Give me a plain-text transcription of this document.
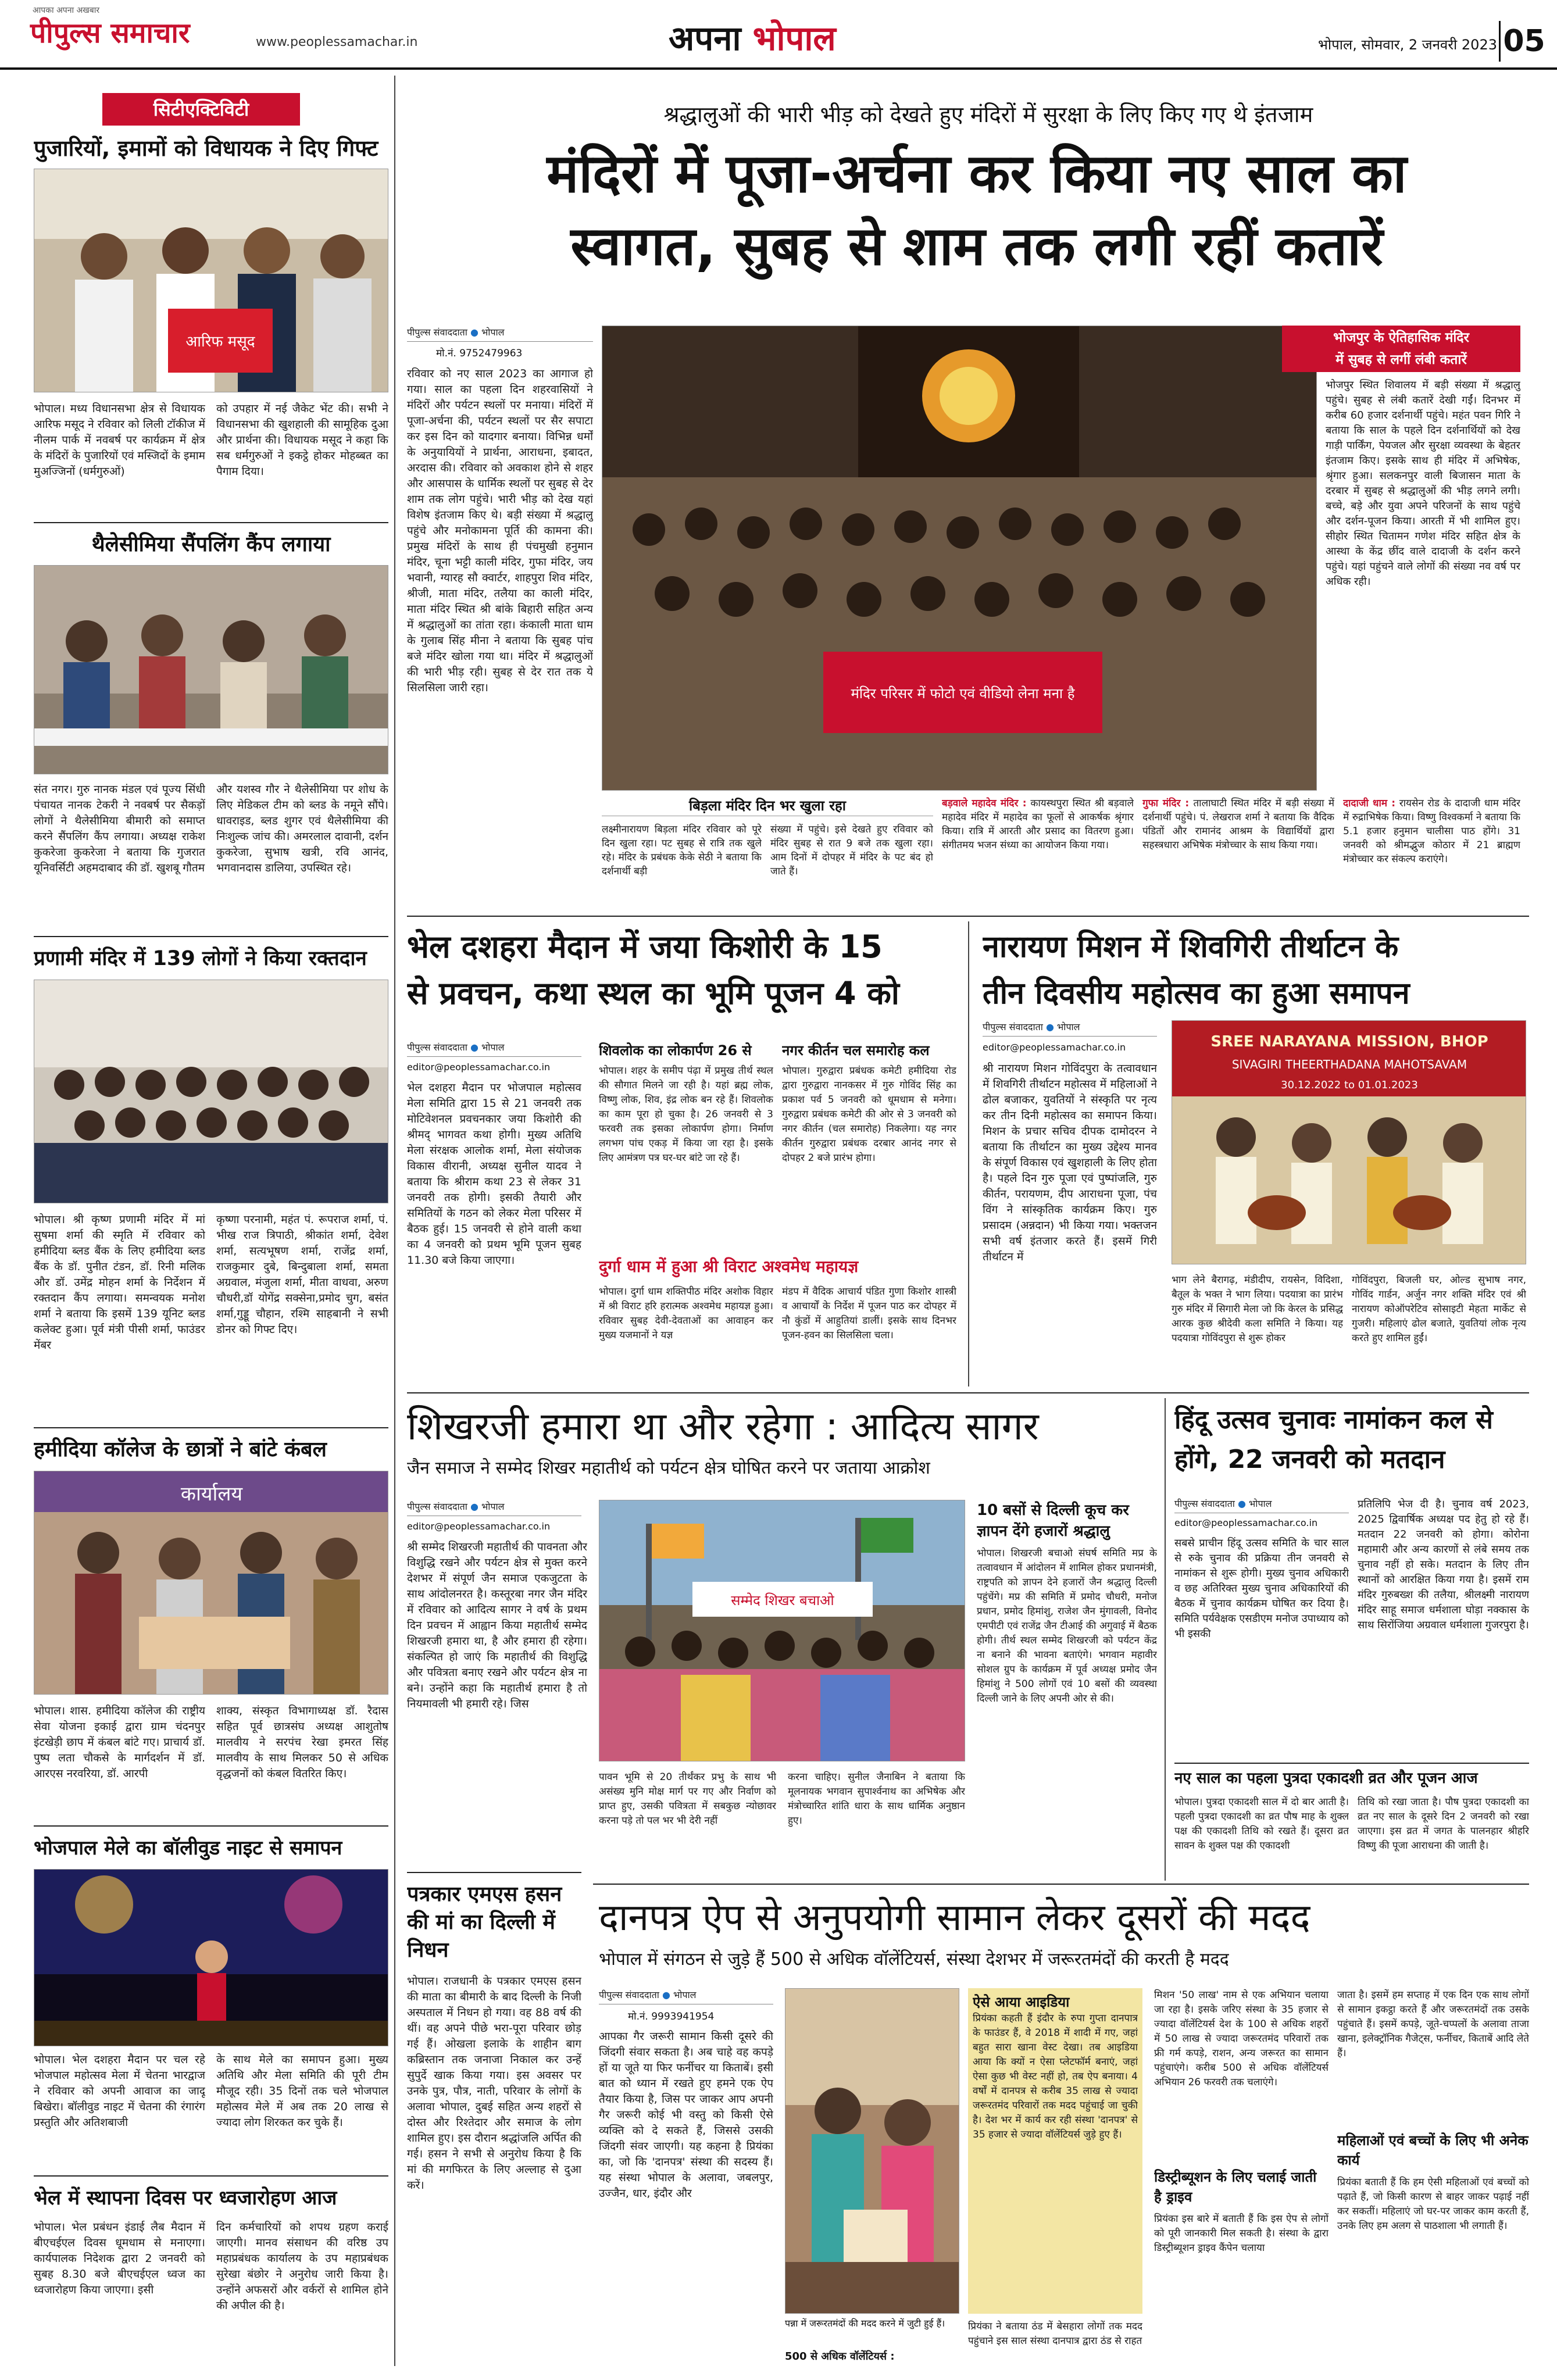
पीपुल्स समाचार
आपका अपना अखबार
www.peoplessamachar.in	अपना भोपाल	भोपाल, सोमवार, 2 जनवरी 2023 05
सिटीएक्टिविटी
पुजारियों, इमामों को विधायक ने दिए गिफ्ट
आरिफ मसूद
भोपाल। मध्य विधानसभा क्षेत्र से विधायक आरिफ मसूद ने रविवार को लिली टॉकीज में नीलम पार्क में नवबर्ष पर कार्यक्रम में क्षेत्र के मंदिरों के पुजारियों एवं मस्जिदों के इमाम मुअज्जिनों (धर्मगुरुओं)
को उपहार में नई जैकेट भेंट की। सभी ने विधानसभा की खुशहाली की सामूहिक दुआ और प्रार्थना की। विधायक मसूद ने कहा कि सब धर्मगुरुओं ने इकट्ठे होकर मोहब्बत का पैगाम दिया।
थैलेसीमिया सैंपलिंग कैंप लगाया
संत नगर। गुरु नानक मंडल एवं पूज्य सिंधी पंचायत नानक टेकरी ने नवबर्ष पर सैकड़ों लोगों ने थैलेसीमिया बीमारी को समाप्त करने सैंपलिंग कैंप लगाया। अध्यक्ष राकेश कुकरेजा कुकरेजा ने बताया कि गुजरात यूनिवर्सिटी अहमदाबाद की डॉ. खुशबू गौतम
और यशस्व गौर ने थैलेसीमिया पर शोध के लिए मेडिकल टीम को ब्लड के नमूने सौंपे। धावराइड, ब्लड शुगर एवं थैलेसीमिया की निःशुल्क जांच की। अमरलाल दावानी, दर्शन कुकरेजा, सुभाष खत्री, रवि आनंद, भगवानदास डालिया, उपस्थित रहे।
प्रणामी मंदिर में 139 लोगों ने किया रक्तदान
भोपाल। श्री कृष्ण प्रणामी मंदिर में मां सुषमा शर्मा की स्मृति में रविवार को हमीदिया ब्लड बैंक के लिए हमीदिया ब्लड बैंक के डॉ. पुनीत टंडन, डॉ. रिनी मलिक और डॉ. उमेंद्र मोहन शर्मा के निर्देशन में रक्तदान कैंप लगाया। समन्वयक मनोश शर्मा ने बताया कि इसमें 139 यूनिट ब्लड कलेक्ट हुआ। पूर्व मंत्री पीसी शर्मा, फाउंडर मेंबर
कृष्णा परनामी, महंत पं. रूपराज शर्मा, पं. भीख राज त्रिपाठी, श्रीकांत शर्मा, देवेश शर्मा, सत्यभूषण शर्मा, राजेंद्र शर्मा, राजकुमार दुबे, बिन्दुबाला शर्मा, समता अग्रवाल, मंजुला शर्मा, मीता वाधवा, अरुण चौधरी,डॉ योगेंद्र सक्सेना,प्रमोद चुग, बसंत शर्मा,गुड्डू चौहान, रश्मि साहबानी ने सभी डोनर को गिफ्ट दिए।
हमीदिया कॉलेज के छात्रों ने बांटे कंबल
कार्यालय
भोपाल। शास. हमीदिया कॉलेज की राष्ट्रीय सेवा योजना इकाई द्वारा ग्राम चंदनपुर इंटखेड़ी छाप में कंबल बांटे गए। प्राचार्य डॉ. पुष्प लता चौकसे के मार्गदर्शन में डॉ. आरएस नरवरिया, डॉ. आरपी
शाक्य, संस्कृत विभागाध्यक्ष डॉ. रैदास सहित पूर्व छात्रसंघ अध्यक्ष आशुतोष मालवीय ने सरपंच रेखा इमरत सिंह मालवीय के साथ मिलकर 50 से अधिक वृद्धजनों को कंबल वितरित किए।
भोजपाल मेले का बॉलीवुड नाइट से समापन
भोपाल। भेल दशहरा मैदान पर चल रहे भोजपाल महोत्सव मेला में चेतना भारद्वाज ने रविवार को अपनी आवाज का जादू बिखेरा। बॉलीवुड नाइट में चेतना की रंगारंग प्रस्तुति और अतिशबाजी
के साथ मेले का समापन हुआ। मुख्य अतिथि और मेला समिति की पूरी टीम मौजूद रही। 35 दिनों तक चले भोजपाल महोत्सव मेले में अब तक 20 लाख से ज्यादा लोग शिरकत कर चुके हैं।
भेल में स्थापना दिवस पर ध्वजारोहण आज
भोपाल। भेल प्रबंधन इंडाई लैब मैदान में बीएचईएल दिवस धूमधाम से मनाएगा। कार्यपालक निदेशक द्वारा 2 जनवरी को सुबह 8.30 बजे बीएचईएल ध्वज का ध्वजारोहण किया जाएगा। इसी
दिन कर्मचारियों को शपथ ग्रहण कराई जाएगी। मानव संसाधन की वरिष्ठ उप महाप्रबंधक कार्यालय के उप महाप्रबंधक सुरेखा बंछोर ने अनुरोध जारी किया है। उन्होंने अफसरों और वर्करों से शामिल होने की अपील की है।
श्रद्धालुओं की भारी भीड़ को देखते हुए मंदिरों में सुरक्षा के लिए किए गए थे इंतजाम
मंदिरों में पूजा-अर्चना कर किया नए साल का
स्वागत, सुबह से शाम तक लगी रहीं कतारें
पीपुल्स संवाददाता ● भोपाल
मो.नं. 9752479963
रविवार को नए साल 2023 का आगाज हो गया। साल का पहला दिन शहरवासियों ने मंदिरों और पर्यटन स्थलों पर मनाया। मंदिरों में पूजा-अर्चना की, पर्यटन स्थलों पर सैर सपाटा कर इस दिन को यादगार बनाया। विभिन्न धर्मों के अनुयायियों ने प्रार्थना, आराधना, इबादत, अरदास की। रविवार को अवकाश होने से शहर और आसपास के धार्मिक स्थलों पर सुबह से देर शाम तक लोग पहुंचे। भारी भीड़ को देख यहां विशेष इंतजाम किए थे। बड़ी संख्या में श्रद्धालु पहुंचे और मनोकामना पूर्ति की कामना की। प्रमुख मंदिरों के साथ ही पंचमुखी हनुमान मंदिर, चूना भट्टी काली मंदिर, गुफा मंदिर, जय भवानी, ग्यारह सौ क्वार्टर, शाहपुरा शिव मंदिर, श्रीजी, माता मंदिर, तलैया का काली मंदिर, माता मंदिर स्थित श्री बांके बिहारी सहित अन्य में श्रद्धालुओं का तांता रहा। कंकाली माता धाम के गुलाब सिंह मीना ने बताया कि सुबह पांच बजे मंदिर खोला गया था। मंदिर में श्रद्धालुओं की भारी भीड़ रही। सुबह से देर रात तक ये सिलसिला जारी रहा।	मंदिर परिसर में फोटो एवं वीडियो लेना मना है
भोजपुर के ऐतिहासिक मंदिर
में सुबह से लगीं लंबी कतारें
भोजपुर स्थित शिवालय में बड़ी संख्या में श्रद्धालु पहुंचे। सुबह से लंबी कतारें देखी गईं। दिनभर में करीब 60 हजार दर्शनार्थी पहुंचे। महंत पवन गिरि ने बताया कि साल के पहले दिन दर्शनार्थियों को देख गाड़ी पार्किंग, पेयजल और सुरक्षा व्यवस्था के बेहतर इंतजाम किए। इसके साथ ही मंदिर में अभिषेक, श्रृंगार हुआ। सलकनपुर वाली बिजासन माता के दरबार में सुबह से श्रद्धालुओं की भीड़ लगने लगी। बच्चे, बड़े और युवा अपने परिजनों के साथ पहुंचे और दर्शन-पूजन किया। आरती में भी शामिल हुए। सीहोर स्थित चितामन गणेश मंदिर सहित क्षेत्र के आस्था के केंद्र छींद वाले दादाजी के दर्शन करने पहुंचे। यहां पहुंचने वाले लोगों की संख्या नव वर्ष पर अधिक रही।
बिड़ला मंदिर दिन भर खुला रहा
लक्ष्मीनारायण बिड़ला मंदिर रविवार को पूरे दिन खुला रहा। पट सुबह से रात्रि तक खुले रहे। मंदिर के प्रबंधक केके सेठी ने बताया कि दर्शनार्थी बड़ी
संख्या में पहुंचे। इसे देखते हुए रविवार को मंदिर सुबह से रात 9 बजे तक खुला रहा। आम दिनों में दोपहर में मंदिर के पट बंद हो जाते हैं।
बड़वाले महादेव मंदिर : कायस्थपुरा स्थित श्री बड़वाले महादेव मंदिर में महादेव का फूलों से आकर्षक श्रृंगार किया। रात्रि में आरती और प्रसाद का वितरण हुआ। संगीतमय भजन संध्या का आयोजन किया गया।
गुफा मंदिर : तालाघाटी स्थित मंदिर में बड़ी संख्या में दर्शनार्थी पहुंचे। पं. लेखराज शर्मा ने बताया कि वैदिक पंडितों और रामानंद आश्रम के विद्यार्थियों द्वारा सहस्त्रधारा अभिषेक मंत्रोच्चार के साथ किया गया।
दादाजी धाम : रायसेन रोड के दादाजी धाम मंदिर में रुद्राभिषेक किया। विष्णु विश्वकर्मा ने बताया कि 5.1 हजार हनुमान चालीसा पाठ होंगे। 31 जनवरी को श्रीमद्भुज कोठार में 21 ब्राह्मण मंत्रोच्चार कर संकल्प कराएंगे।
भेल दशहरा मैदान में जया किशोरी के 15
से प्रवचन, कथा स्थल का भूमि पूजन 4 को
पीपुल्स संवाददाता ● भोपाल
editor@peoplessamachar.co.in
भेल दशहरा मैदान पर भोजपाल महोत्सव मेला समिति द्वारा 15 से 21 जनवरी तक मोटिवेशनल प्रवचनकार जया किशोरी की श्रीमद् भागवत कथा होगी। मुख्य अतिथि मेला संरक्षक आलोक शर्मा, मेला संयोजक विकास वीरानी, अध्यक्ष सुनील यादव ने बताया कि श्रीराम कथा 23 से लेकर 31 जनवरी तक होगी। इसकी तैयारी और समितियों के गठन को लेकर मेला परिसर में बैठक हुई। 15 जनवरी से होने वाली कथा का 4 जनवरी को प्रथम भूमि पूजन सुबह 11.30 बजे किया जाएगा।
शिवलोक का लोकार्पण 26 से
भोपाल। शहर के समीप पंढ़ा में प्रमुख तीर्थ स्थल की सौगात मिलने जा रही है। यहां ब्रह्म लोक, विष्णु लोक, शिव, इंद्र लोक बन रहे हैं। शिवलोक का काम पूरा हो चुका है। 26 जनवरी से 3 फरवरी तक इसका लोकार्पण होगा। निर्माण लगभग पांच एकड़ में किया जा रहा है। इसके लिए आमंत्रण पत्र घर-घर बांटे जा रहे हैं।
नगर कीर्तन चल समारोह कल
भोपाल। गुरुद्वारा प्रबंधक कमेटी हमीदिया रोड द्वारा गुरुद्वारा नानकसर में गुरु गोविंद सिंह का प्रकाश पर्व 5 जनवरी को धूमधाम से मनेगा। गुरुद्वारा प्रबंधक कमेटी की ओर से 3 जनवरी को नगर कीर्तन (चल समारोह) निकलेगा। यह नगर कीर्तन गुरुद्वारा प्रबंधक दरबार आनंद नगर से दोपहर 2 बजे प्रारंभ होगा।
दुर्गा धाम में हुआ श्री विराट अश्वमेध महायज्ञ
भोपाल। दुर्गा धाम शक्तिपीठ मंदिर अशोक विहार में श्री विराट हरि हरात्मक अश्वमेध महायज्ञ हुआ। रविवार सुबह देवी-देवताओं का आवाहन कर मुख्य यजमानों ने यज्ञ
मंडप में वैदिक आचार्य पंडित गुणा किशोर शास्त्री व आचार्यों के निर्देश में पूजन पाठ कर दोपहर में नौ कुंडों में आहुतियां डालीं। इसके साथ दिनभर पूजन-हवन का सिलसिला चला।
नारायण मिशन में शिवगिरी तीर्थाटन के
तीन दिवसीय महोत्सव का हुआ समापन
पीपुल्स संवाददाता ● भोपाल
editor@peoplessamachar.co.in
श्री नारायण मिशन गोविंदपुरा के तत्वावधान में शिवगिरी तीर्थाटन महोत्सव में महिलाओं ने ढोल बजाकर, युवतियों ने संस्कृति पर नृत्य कर तीन दिनी महोत्सव का समापन किया। मिशन के प्रचार सचिव दीपक दामोदरन ने बताया कि तीर्थाटन का मुख्य उद्देश्य मानव के संपूर्ण विकास एवं खुशहाली के लिए होता है। पहले दिन गुरु पूजा एवं पुष्पांजलि, गुरु कीर्तन, परायणम, दीप आराधना पूजा, पंच विंग ने सांस्कृतिक कार्यक्रम किए। गुरु प्रसादम (अन्नदान) भी किया गया। भक्तजन सभी वर्ष इंतजार करते हैं। इसमें गिरी तीर्थाटन में
SREE NARAYANA MISSION, BHOP
SIVAGIRI THEERTHADANA MAHOTSAVAM
30.12.2022 to 01.01.2023
भाग लेने बैरागढ़, मंडीदीप, रायसेन, विदिशा, बैतूल के भक्त ने भाग लिया। पदयात्रा का प्रारंभ गुरु मंदिर में सिगारी मेला जो कि केरल के प्रसिद्ध आरक कुछ श्रीदेवी कला समिति ने किया। यह पदयात्रा गोविंदपुरा से शुरू होकर
गोविंदपुरा, बिजली घर, ओल्ड सुभाष नगर, गोविंद गार्डन, अर्जुन नगर शक्ति मंदिर एवं श्री नारायण कोऑपरेटिव सोसाइटी मेहता मार्केट से गुजरी। महिलाएं ढोल बजाते, युवतियां लोक नृत्य करते हुए शामिल हुईं।
शिखरजी हमारा था और रहेगा : आदित्य सागर
जैन समाज ने सम्मेद शिखर महातीर्थ को पर्यटन क्षेत्र घोषित करने पर जताया आक्रोश
पीपुल्स संवाददाता ● भोपाल
editor@peoplessamachar.co.in
श्री सम्मेद शिखरजी महातीर्थ की पावनता और विशुद्धि रखने और पर्यटन क्षेत्र से मुक्त करने देशभर में संपूर्ण जैन समाज एकजुटता के साथ आंदोलनरत है। कस्तूरबा नगर जैन मंदिर में रविवार को आदित्य सागर ने वर्ष के प्रथम दिन प्रवचन में आह्वान किया महातीर्थ सम्मेद शिखरजी हमारा था, है और हमारा ही रहेगा। संकल्पित हो जाएं कि महातीर्थ की विशुद्धि और पवित्रता बनाए रखने और पर्यटन क्षेत्र ना बने। उन्होंने कहा कि महातीर्थ हमारा है तो नियमावली भी हमारी रहे। जिस
सम्मेद शिखर बचाओ
पावन भूमि से 20 तीर्थंकर प्रभु के साथ भी असंख्य मुनि मोक्ष मार्ग पर गए और निर्वाण को प्राप्त हुए, उसकी पवित्रता में सबकुछ न्योछावर करना पड़े तो पल भर भी देरी नहीं
करना चाहिए। सुनील जैनाबिन ने बताया कि मूलनायक भगवान सुपार्श्वनाथ का अभिषेक और मंत्रोच्चारित शांति धारा के साथ धार्मिक अनुष्ठान हुए।
10 बसों से दिल्ली कूच कर ज्ञापन देंगे हजारों श्रद्धालु
भोपाल। शिखरजी बचाओ संघर्ष समिति मप्र के तत्वावधान में आंदोलन में शामिल होकर प्रधानमंत्री, राष्ट्रपति को ज्ञापन देने हजारों जैन श्रद्धालु दिल्ली पहुंचेंगे। मप्र की समिति में प्रमोद चौधरी, मनोज प्रधान, प्रमोद हिमांशु, राजेश जैन मुंगावली, विनोद एमपीटी एवं राजेंद्र जैन टीआई की अगुवाई में बैठक होगी। तीर्थ स्थल सम्मेद शिखरजी को पर्यटन केंद्र ना बनाने की भावना बताएंगे। भगवान महावीर सोशल ग्रुप के कार्यक्रम में पूर्व अध्यक्ष प्रमोद जैन हिमांशु ने 500 लोगों एवं 10 बसों की व्यवस्था दिल्ली जाने के लिए अपनी ओर से की।
पत्रकार एमएस हसन की मां का दिल्ली में निधन
भोपाल। राजधानी के पत्रकार एमएस हसन की माता का बीमारी के बाद दिल्ली के निजी अस्पताल में निधन हो गया। वह 88 वर्ष की थीं। वह अपने पीछे भरा-पूरा परिवार छोड़ गई हैं। ओखला इलाके के शाहीन बाग कब्रिस्तान तक जनाजा निकाल कर उन्हें सुपुर्दे खाक किया गया। इस अवसर पर उनके पुत्र, पौत्र, नाती, परिवार के लोगों के अलावा भोपाल, दुबई सहित अन्य शहरों से दोस्त और रिश्तेदार और समाज के लोग शामिल हुए। इस दौरान श्रद्धांजलि अर्पित की गई। हसन ने सभी से अनुरोध किया है कि मां की मगफिरत के लिए अल्लाह से दुआ करें।
हिंदू उत्सव चुनावः नामांकन कल से
होंगे, 22 जनवरी को मतदान
पीपुल्स संवाददाता ● भोपाल
editor@peoplessamachar.co.in
सबसे प्राचीन हिंदू उत्सव समिति के चार साल से रुके चुनाव की प्रक्रिया तीन जनवरी से नामांकन से शुरू होगी। मुख्य चुनाव अधिकारी व छह अतिरिक्त मुख्य चुनाव अधिकारियों की बैठक में चुनाव कार्यक्रम घोषित कर दिया है। समिति पर्यवेक्षक एसडीएम मनोज उपाध्याय को भी इसकी
प्रतिलिपि भेज दी है। चुनाव वर्ष 2023, 2025 द्विवार्षिक अध्यक्ष पद हेतु हो रहे हैं। मतदान 22 जनवरी को होगा। कोरोना महामारी और अन्य कारणों से लंबे समय तक चुनाव नहीं हो सके। मतदान के लिए तीन स्थानों को आरक्षित किया गया है। इसमें राम मंदिर गुरुबख्श की तलैया, श्रीलक्ष्मी नारायण मंदिर साहू समाज धर्मशाला घोड़ा नक्कास के साथ सिरोंजिया अग्रवाल धर्मशाला गुजरपुरा है।
नए साल का पहला पुत्रदा एकादशी व्रत और पूजन आज
भोपाल। पुत्रदा एकादशी साल में दो बार आती है। पहली पुत्रदा एकादशी का व्रत पौष माह के शुक्ल पक्ष की एकादशी तिथि को रखते हैं। दूसरा व्रत सावन के शुक्ल पक्ष की एकादशी
तिथि को रखा जाता है। पौष पुत्रदा एकादशी का व्रत नए साल के दूसरे दिन 2 जनवरी को रखा जाएगा। इस व्रत में जगत के पालनहार श्रीहरि विष्णु की पूजा आराधना की जाती है।
दानपत्र ऐप से अनुपयोगी सामान लेकर दूसरों की मदद
भोपाल में संगठन से जुड़े हैं 500 से अधिक वॉलेंटियर्स, संस्था देशभर में जरूरतमंदों की करती है मदद
पीपुल्स संवाददाता ● भोपाल
मो.नं. 9993941954
आपका गैर जरूरी सामान किसी दूसरे की जिंदगी संवार सकता है। अब चाहे वह कपड़े हों या जूते या फिर फर्नीचर या किताबें। इसी बात को ध्यान में रखते हुए हमने एक ऐप तैयार किया है, जिस पर जाकर आप अपनी गैर जरूरी कोई भी वस्तु को किसी ऐसे व्यक्ति को दे सकते हैं, जिससे उसकी जिंदगी संवर जाएगी। यह कहना है प्रियंका का, जो कि 'दानपत्र' संस्था की सदस्य हैं। यह संस्था भोपाल के अलावा, जबलपुर, उज्जैन, धार, इंदौर और
पन्ना में जरूरतमंदों की मदद करने में जुटी हुई हैं।
500 से अधिक वॉलेंटियर्स :
ऐसे आया आइडिया
प्रियंका कहती हैं इंदौर के रुपा गुप्ता दानपात्र के फाउंडर हैं, वे 2018 में शादी में गए, जहां बहुत सारा खाना वेस्ट देखा। तब आइडिया आया कि क्यों न ऐसा प्लेटफॉर्म बनाएं, जहां ऐसा कुछ भी वेस्ट नहीं हो, तब ऐप बनाया। 4 वर्षों में दानपत्र से करीब 35 लाख से ज्यादा जरूरतमंद परिवारों तक मदद पहुंचाई जा चुकी है। देश भर में कार्य कर रही संस्था 'दानपत्र' से 35 हजार से ज्यादा वॉलेंटियर्स जुड़े हुए हैं।
प्रियंका ने बताया ठंड में बेसहारा लोगों तक मदद पहुंचाने इस साल संस्था दानपात्र द्वारा ठंड से राहत
मिशन '50 लाख' नाम से एक अभियान चलाया जा रहा है। इसके जरिए संस्था के 35 हजार से ज्यादा वॉलेंटियर्स देश के 100 से अधिक शहरों में 50 लाख से ज्यादा जरूरतमंद परिवारों तक फ्री गर्म कपड़े, राशन, अन्य जरूरत का सामान पहुंचाएंगे। करीब 500 से अधिक वॉलेंटियर्स अभियान 26 फरवरी तक चलाएंगे।
डिस्ट्रीब्यूशन के लिए चलाई जाती है ड्राइव
प्रियंका इस बारे में बताती हैं कि इस ऐप से लोगों को पूरी जानकारी मिल सकती है। संस्था के द्वारा डिस्ट्रीब्यूशन ड्राइव कैंपेन चलाया
जाता है। इसमें हम सप्ताह में एक दिन एक साथ लोगों से सामान इकट्ठा करते हैं और जरूरतमंदों तक उसके पहुंचाते हैं। इसमें कपड़े, जूते-चप्पलों के अलावा ताजा खाना, इलेक्ट्रॉनिक गैजेट्स, फर्नीचर, किताबें आदि लेते हैं।
महिलाओं एवं बच्चों के लिए भी अनेक कार्य
प्रियंका बताती हैं कि हम ऐसी महिलाओं एवं बच्चों को पढ़ाते हैं, जो किसी कारण से बाहर जाकर पढ़ाई नहीं कर सकतीं। महिलाएं जो घर-पर जाकर काम करती हैं, उनके लिए हम अलग से पाठशाला भी लगाती हैं।
